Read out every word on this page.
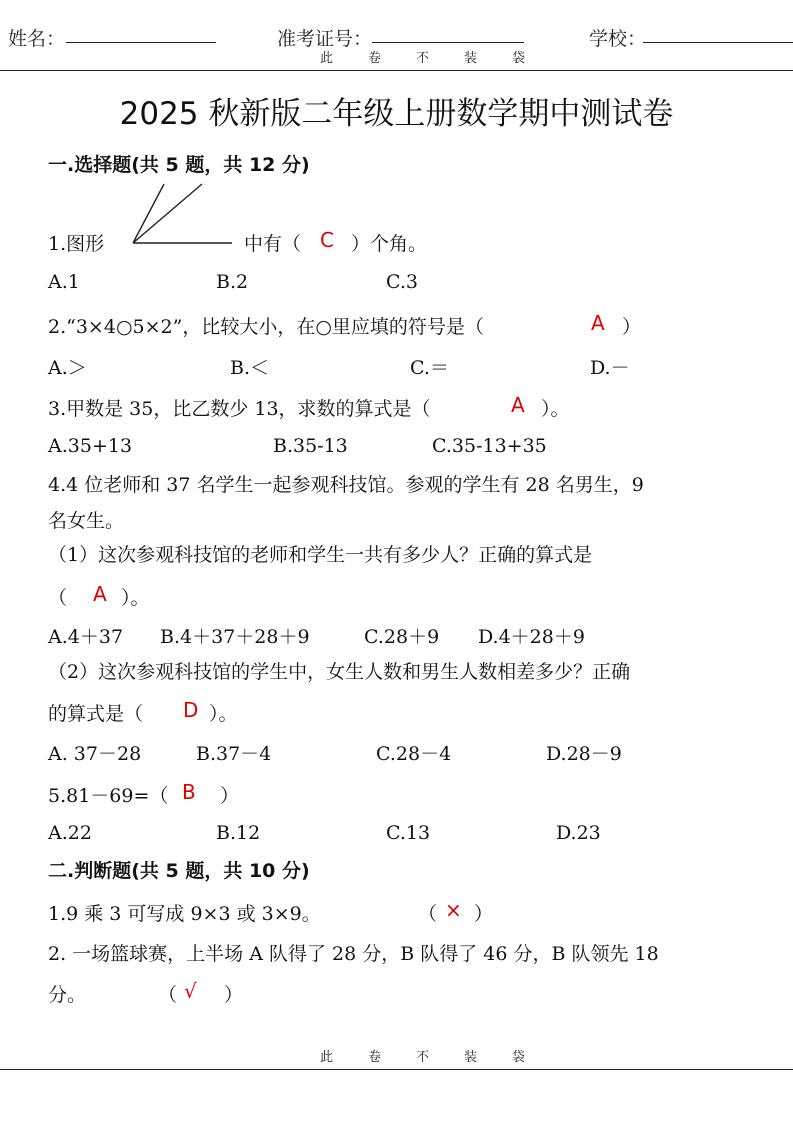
姓名：	准考证号：	学校：
此	卷	不	装	袋
2025 秋新版二年级上册数学期中测试卷
一.选择题(共 5 题，共 12 分)
1.图形	中有（ C ）个角。
A.1	B.2	C.3
2.“3×4○5×2”，比较大小，在○里应填的符号是（	A ）
A.＞	B.＜	C.＝	D.－
3.甲数是 35，比乙数少 13，求数的算式是（	A ）。
A.35+13	B.35-13	C.35-13+35
4.4 位老师和 37 名学生一起参观科技馆。参观的学生有 28 名男生，9
名女生。
（1）这次参观科技馆的老师和学生一共有多少人？正确的算式是
（ A ）。
A.4＋37 B.4＋37＋28＋9	C.28＋9 D.4＋28＋9
（2）这次参观科技馆的学生中，女生人数和男生人数相差多少？正确
的算式是（ D ）。
A. 37－28	B.37－4	C.28－4	D.28－9
5.81－69=（ B ）
A.22	B.12	C.13	D.23
二.判断题(共 5 题，共 10 分)
1.9 乘 3 可写成 9×3 或 3×9。	（ × ）
2. 一场篮球赛，上半场 A 队得了 28 分，B 队得了 46 分，B 队领先 18
分。	（ √ ）
此	卷	不	装	袋
